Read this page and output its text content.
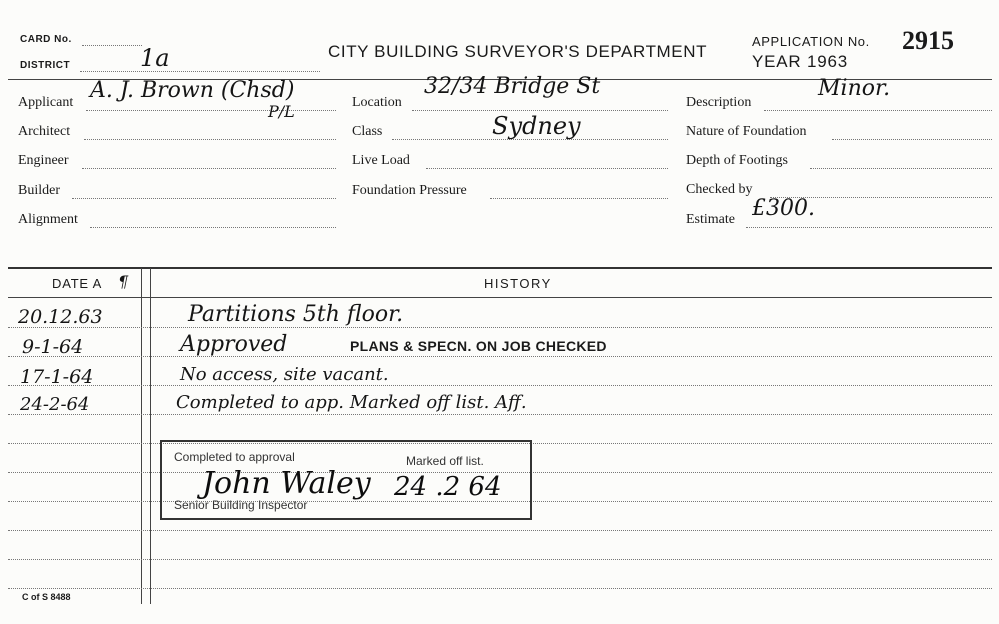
CARD No.
DISTRICT	1a	CITY BUILDING SURVEYOR'S DEPARTMENT
APPLICATION No. 2915
YEAR 1963
Applicant A. J. Brown (Chsd)
P/L
Architect
Engineer
Builder
Alignment
Location
32/34 Bridge St
Class	Sydney
Live Load
Foundation Pressure
Description
Minor.
Nature of Foundation
Depth of Footings
Checked by
Estimate £300.
DATE A ¶	HISTORY
20.12.63	Partitions 5th floor.
9-1-64	Approved	PLANS & SPECN. ON JOB CHECKED
17-1-64	No access, site vacant.
24-2-64	Completed to app. Marked off list. Aff.
Completed to approval	Marked off list.
Senior Building Inspector
John Waley 24 .2 64
C of S 8488
